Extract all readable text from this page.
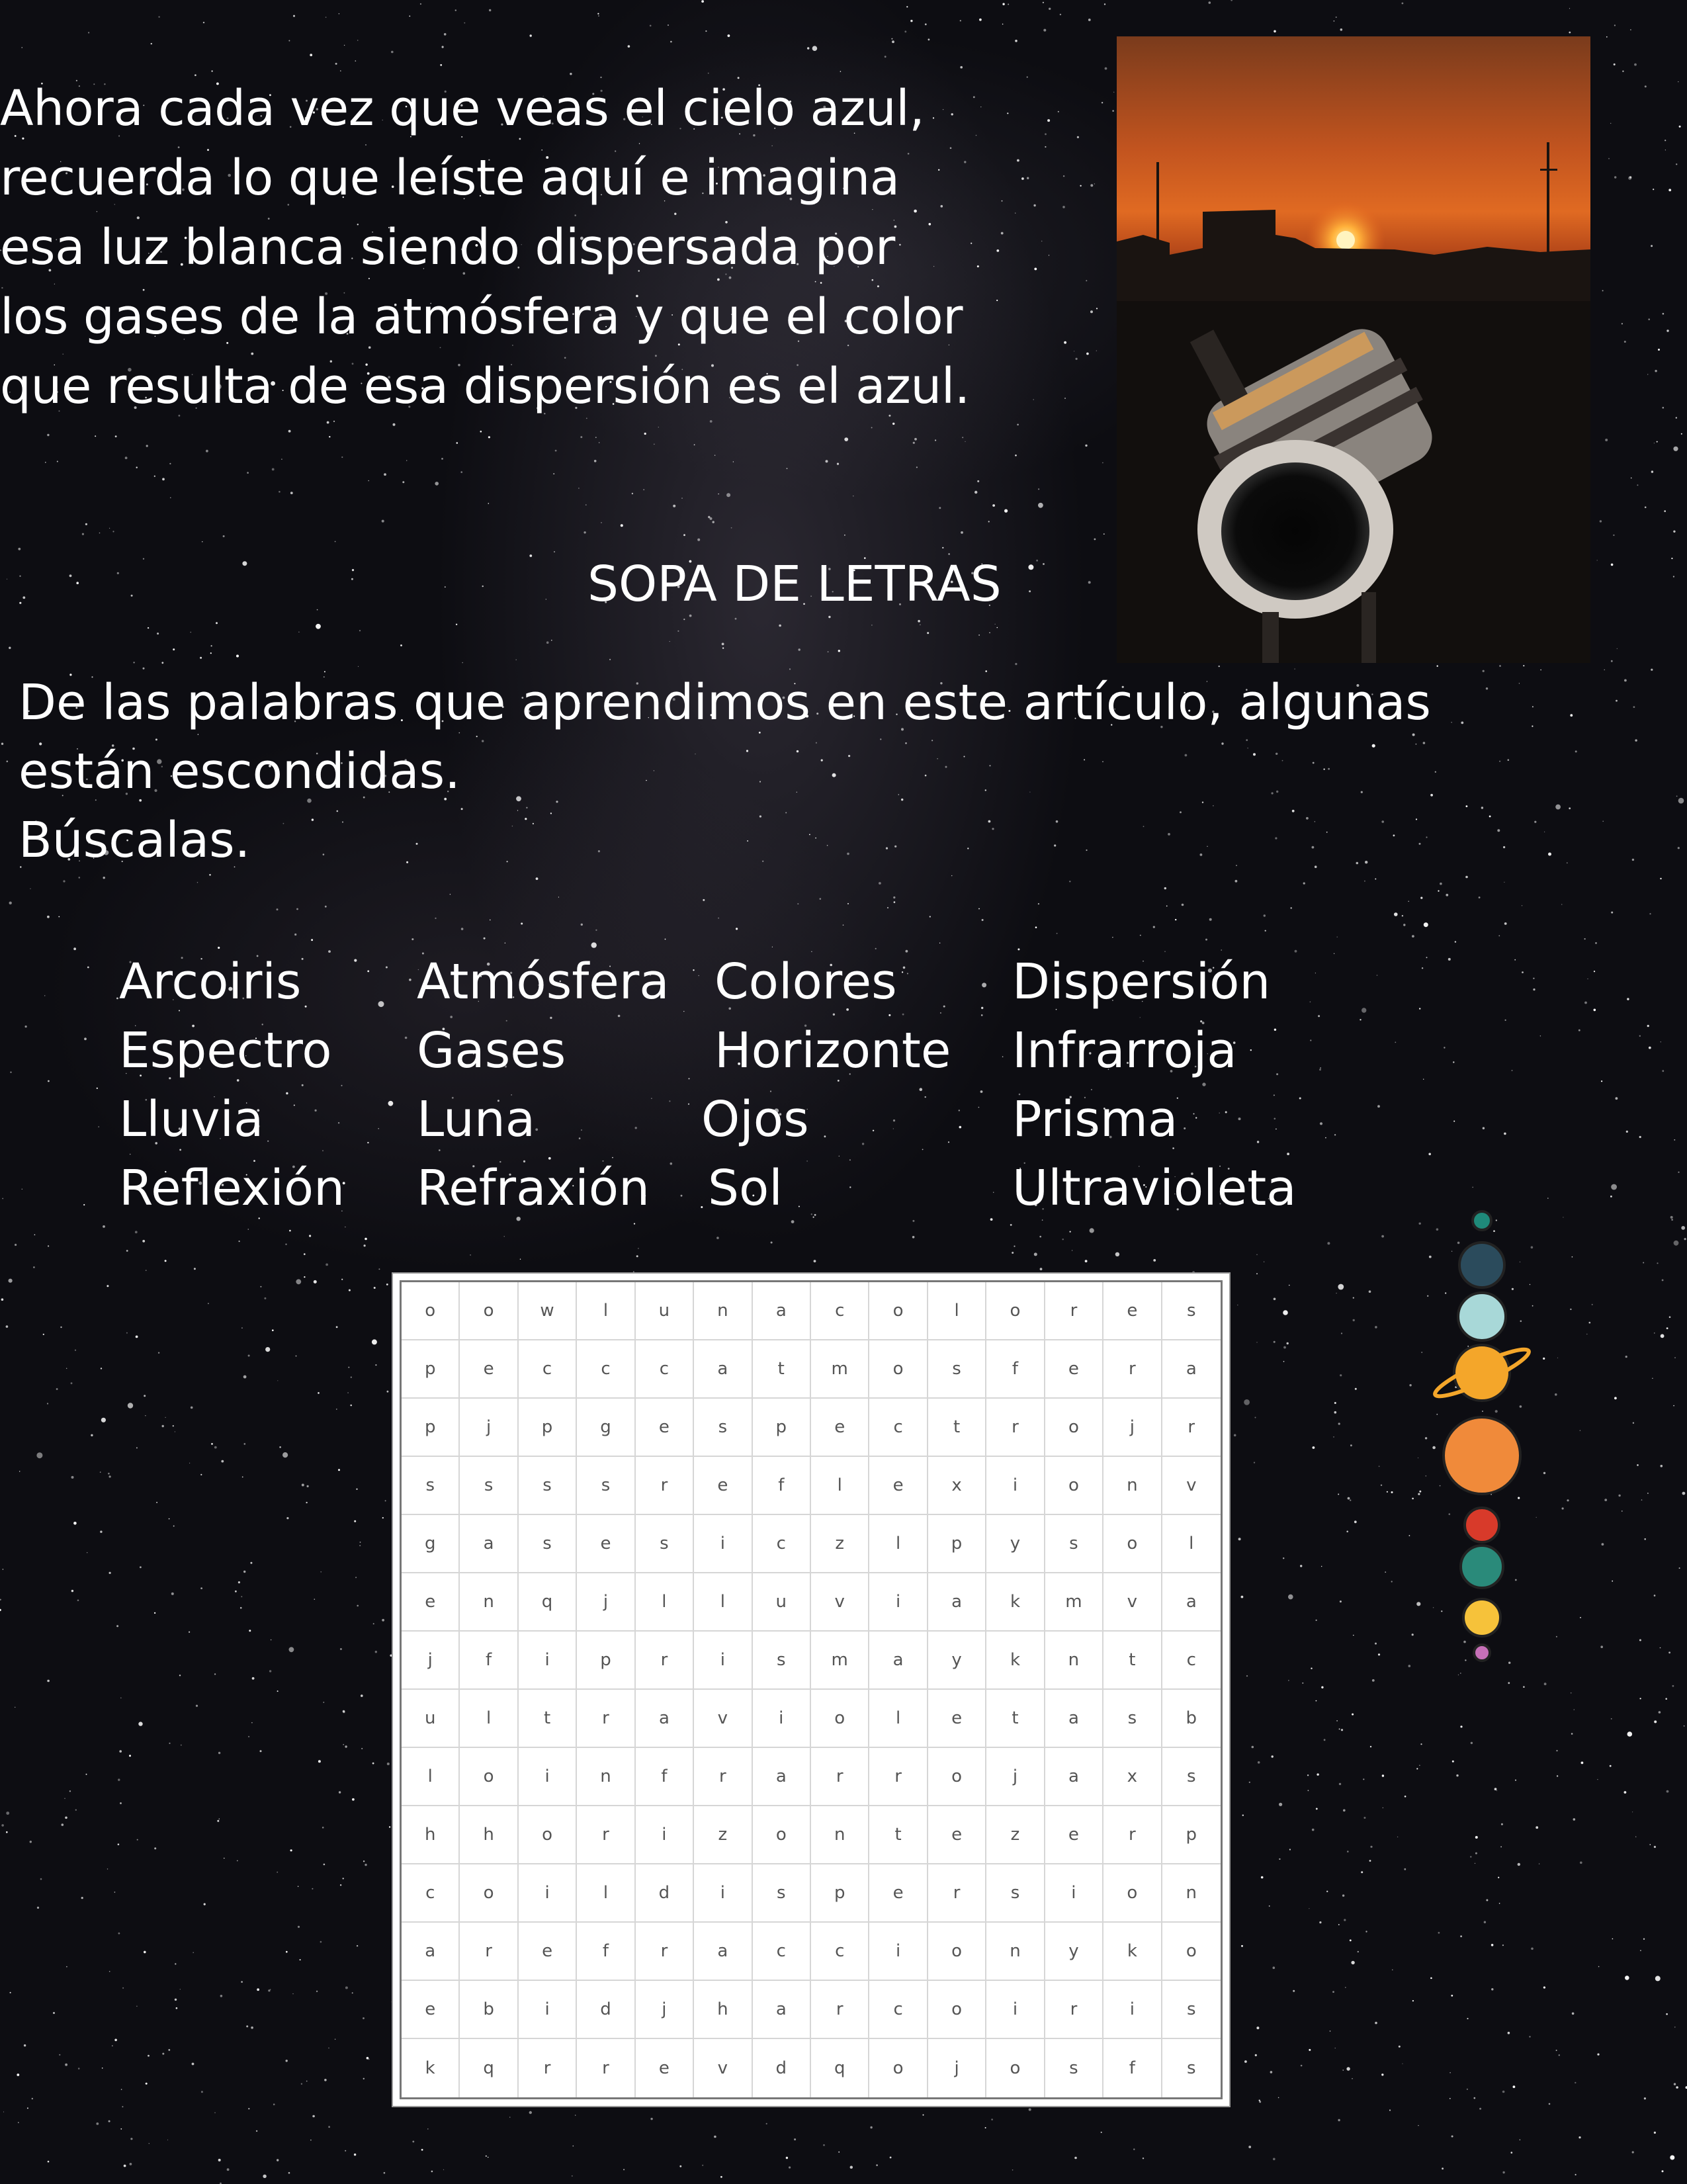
Ahora cada vez que veas el cielo azul,
recuerda lo que leíste aquí e imagina
esa luz blanca siendo dispersada por
los gases de la atmósfera y que el color
que resulta de esa dispersión es el azul.
SOPA DE LETRAS
De las palabras que aprendimos en este artículo, algunas
están escondidas.
Búscalas.
Arcoiris Atmósfera Colores Dispersión
Espectro Gases	Horizonte Infrarroja
Lluvia	Luna	Ojos	Prisma
Reflexión Refraxión Sol	Ultravioleta
o	o	w	l	u	n	a	c	o	l	o	r	e	s
p	e	c	c	c	a	t	m	o	s	f	e	r	a
p	j	p	g	e	s	p	e	c	t	r	o	j	r
s	s	s	s	r	e	f	l	e	x	i	o	n	v
g	a	s	e	s	i	c	z	l	p	y	s	o	l
e	n	q	j	l	l	u	v	i	a	k	m	v	a
j	f	i	p	r	i	s	m	a	y	k	n	t	c
u	l	t	r	a	v	i	o	l	e	t	a	s	b
l	o	i	n	f	r	a	r	r	o	j	a	x	s
h	h	o	r	i	z	o	n	t	e	z	e	r	p
c	o	i	l	d	i	s	p	e	r	s	i	o	n
a	r	e	f	r	a	c	c	i	o	n	y	k	o
e	b	i	d	j	h	a	r	c	o	i	r	i	s
k	q	r	r	e	v	d	q	o	j	o	s	f	s
